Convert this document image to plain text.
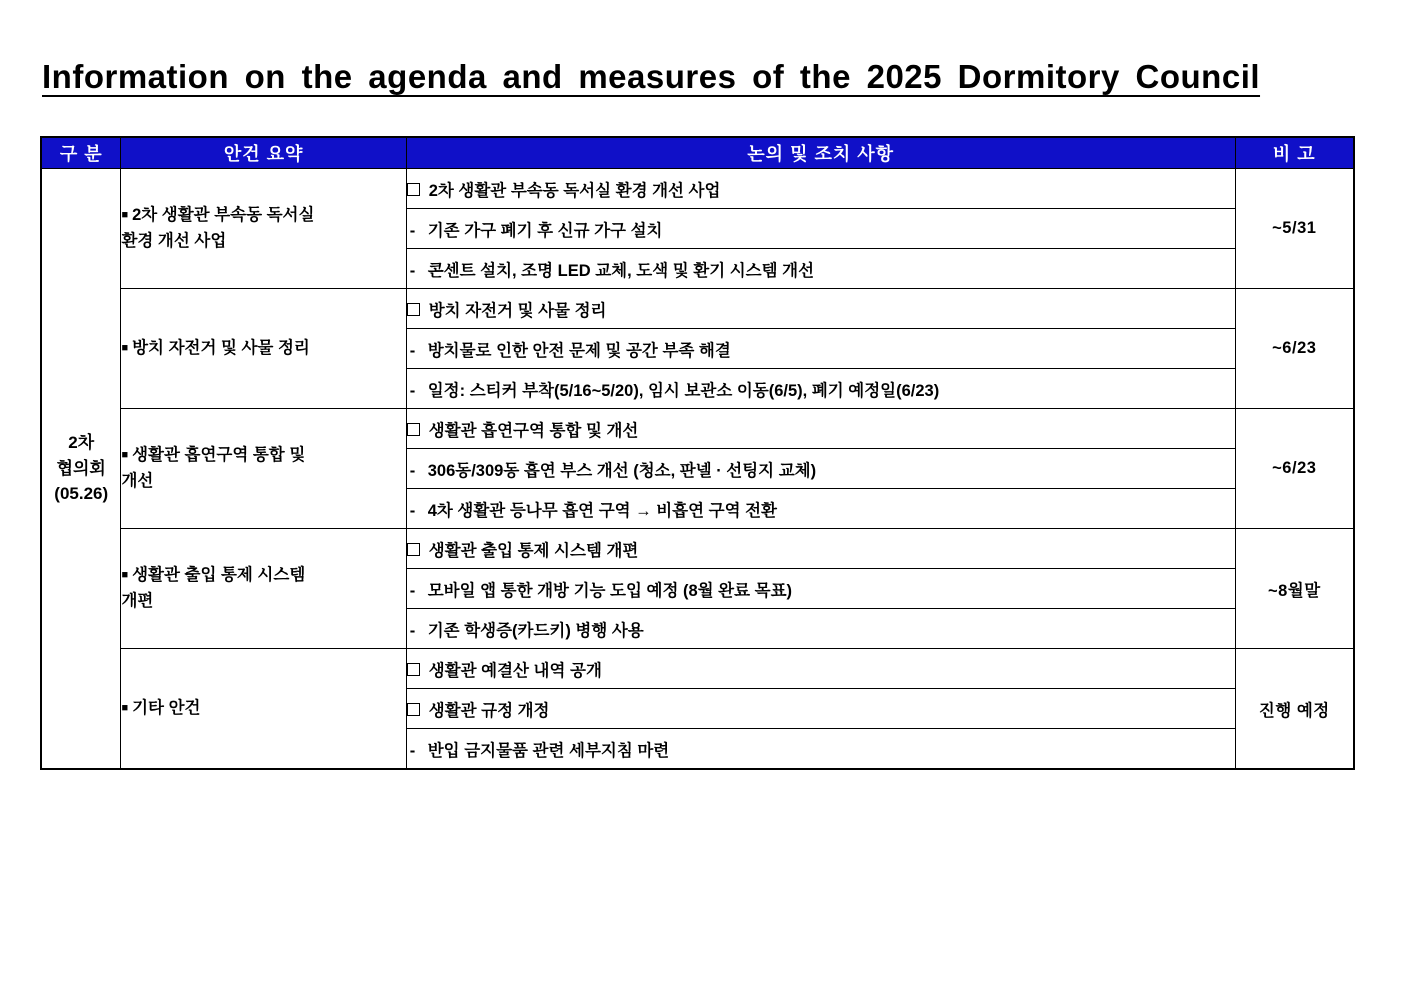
Information on the agenda and measures of the 2025 Dormitory Council
구 분	안건 요약	논의 및 조치 사항	비 고

2차
협의회
(05.26)
	■ 2차 생활관 부속동 독서실
환경 개선 사업	2차 생활관 부속동 독서실 환경 개선 사업	~5/31
		- 기존 가구 폐기 후 신규 가구 설치	
		- 콘센트 설치, 조명 LED 교체, 도색 및 환기 시스템 개선	
	■ 방치 자전거 및 사물 정리	방치 자전거 및 사물 정리	~6/23
		- 방치물로 인한 안전 문제 및 공간 부족 해결	
		- 일정: 스티커 부착(5/16~5/20), 임시 보관소 이동(6/5), 폐기 예정일(6/23)	
	■ 생활관 흡연구역 통합 및
개선	생활관 흡연구역 통합 및 개선	~6/23
		- 306동/309동 흡연 부스 개선 (청소, 판넬 · 선팅지 교체)	
		- 4차 생활관 등나무 흡연 구역 → 비흡연 구역 전환	
	■ 생활관 출입 통제 시스템
개편	생활관 출입 통제 시스템 개편	~8월말
		- 모바일 앱 통한 개방 기능 도입 예정 (8월 완료 목표)	
		- 기존 학생증(카드키) 병행 사용	
	■ 기타 안건	생활관 예결산 내역 공개	진행 예정
		생활관 규정 개정	
		- 반입 금지물품 관련 세부지침 마련	
